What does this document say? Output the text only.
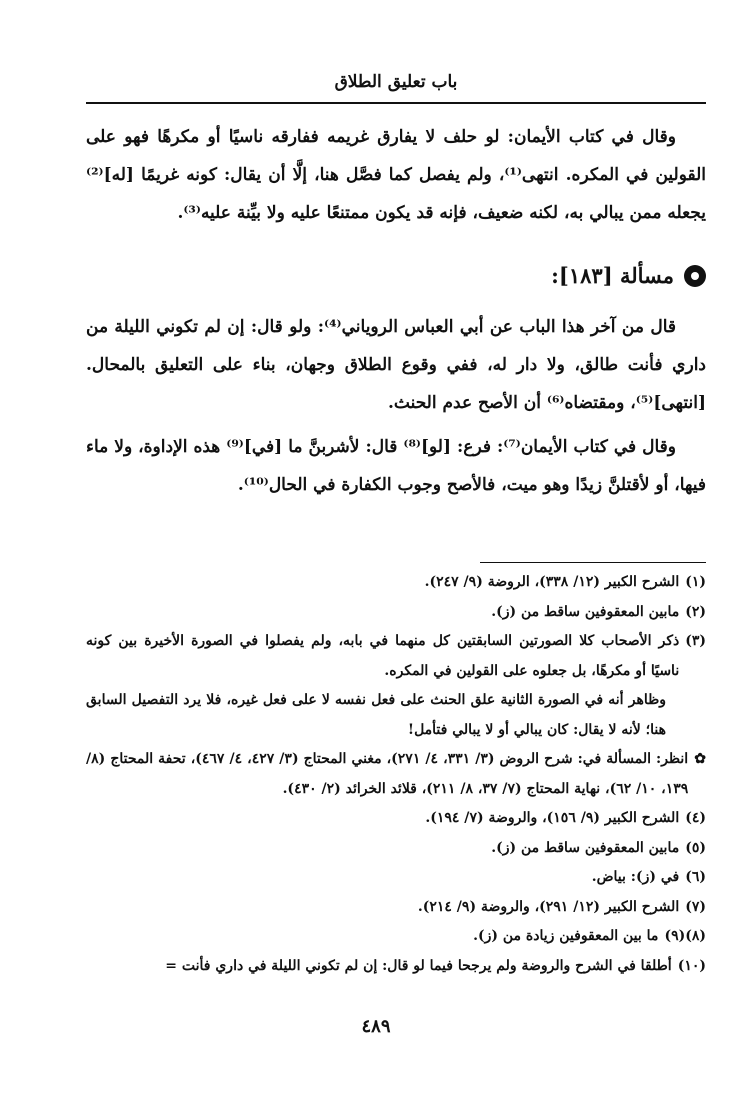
باب تعليق الطلاق

وقال في كتاب الأيمان: لو حلف لا يفارق غريمه ففارقه ناسيًا أو مكرهًا فهو على القولين في المكره. انتهى⁽¹⁾، ولم يفصل كما فصَّل هنا، إلَّا أن يقال: كونه غريمًا [له]⁽²⁾ يجعله ممن يبالي به، لكنه ضعيف، فإنه قد يكون ممتنعًا عليه ولا بيِّنة عليه⁽³⁾.

مسألة [١٨٣]:

قال من آخر هذا الباب عن أبي العباس الروياني⁽⁴⁾: ولو قال: إن لم تكوني الليلة من داري فأنت طالق، ولا دار له، ففي وقوع الطلاق وجهان، بناء على التعليق بالمحال. [انتهى]⁽⁵⁾، ومقتضاه⁽⁶⁾ أن الأصح عدم الحنث.

وقال في كتاب الأيمان⁽⁷⁾: فرع: [لو]⁽⁸⁾ قال: لأشربنَّ ما [في]⁽⁹⁾ هذه الإداوة، ولا ماء فيها، أو لأقتلنَّ زيدًا وهو ميت، فالأصح وجوب الكفارة في الحال⁽¹⁰⁾.

(١)
الشرح الكبير (١٢/ ٣٣٨)، الروضة (٩/ ٢٤٧).
(٢)
مابين المعقوفين ساقط من (ز).
(٣)
ذكر الأصحاب كلا الصورتين السابقتين كل منهما في بابه، ولم يفصلوا في الصورة الأخيرة بين كونه ناسيًا أو مكرهًا، بل جعلوه على القولين في المكره.
وظاهر أنه في الصورة الثانية علق الحنث على فعل نفسه لا على فعل غيره، فلا يرد التفصيل السابق هنا؛ لأنه لا يقال: كان يبالي أو لا يبالي فتأمل!
✿
انظر: المسألة في: شرح الروض (٣/ ٣٣١، ٤/ ٢٧١)، مغني المحتاج (٣/ ٤٢٧، ٤/ ٤٦٧)، تحفة المحتاج (٨/ ١٣٩، ١٠/ ٦٢)، نهاية المحتاج (٧/ ٣٧، ٨/ ٢١١)، قلائد الخرائد (٢/ ٤٣٠).
(٤)
الشرح الكبير (٩/ ١٥٦)، والروضة (٧/ ١٩٤).
(٥)
مابين المعقوفين ساقط من (ز).
(٦)
في (ز): بياض.
(٧)
الشرح الكبير (١٢/ ٢٩١)، والروضة (٩/ ٢١٤).
(٨)(٩)
ما بين المعقوفين زيادة من (ز).
(١٠)
أطلقا في الشرح والروضة ولم يرجحا فيما لو قال: إن لم تكوني الليلة في داري فأنت =
٤٨٩
